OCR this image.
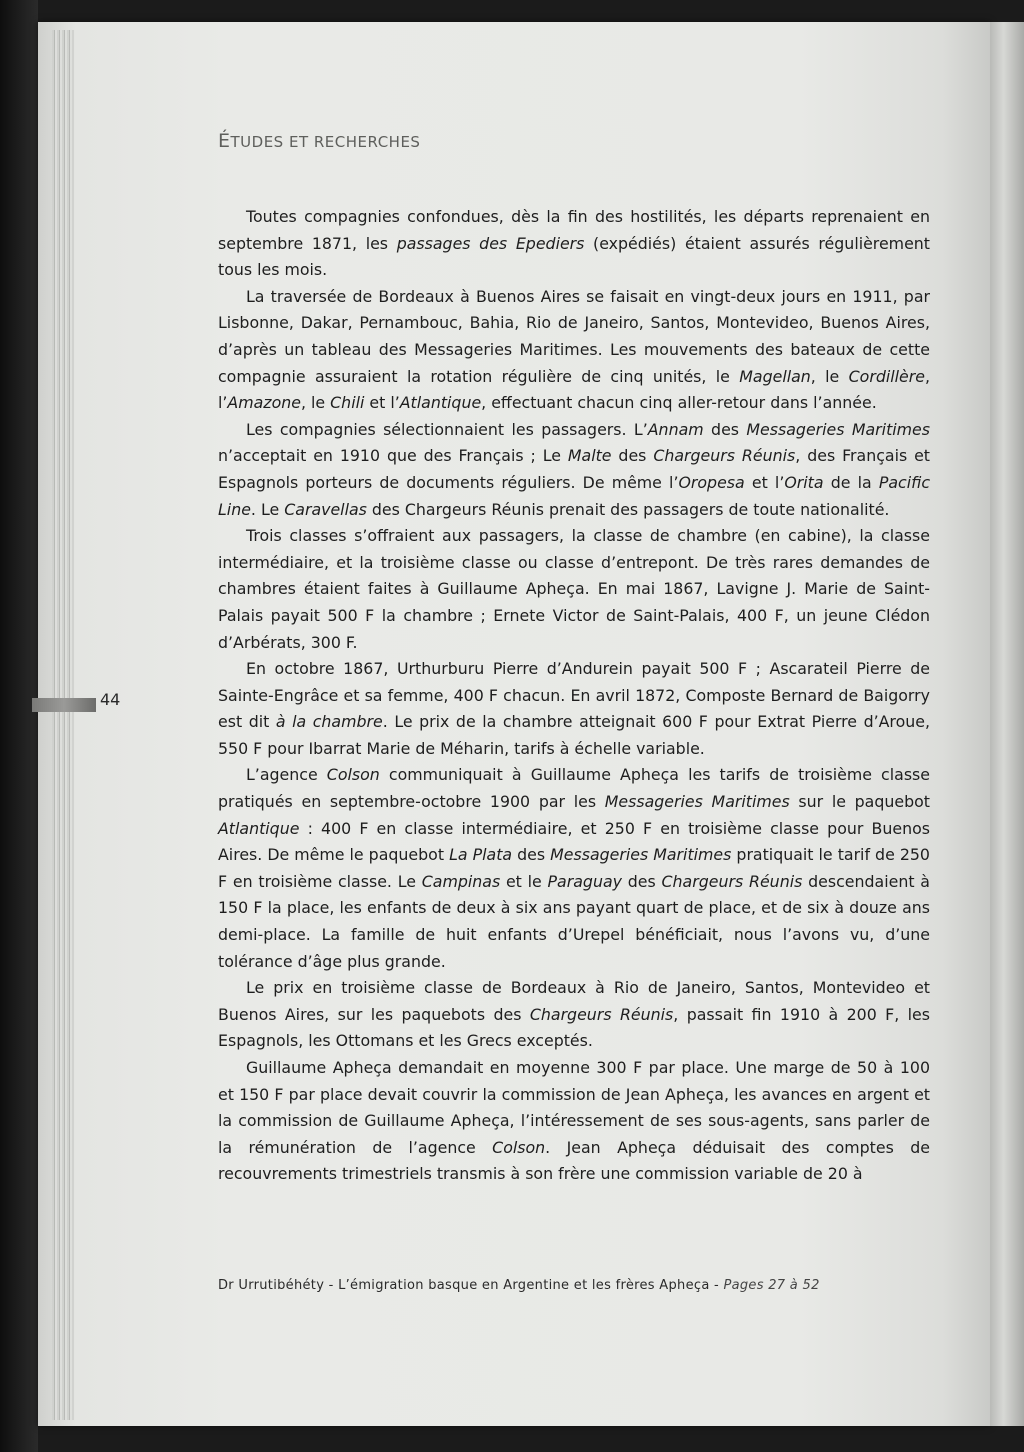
ÉTUDES ET RECHERCHES

Toutes compagnies confondues, dès la fin des hostilités, les départs reprenaient en septembre 1871, les passages des Epediers (expédiés) étaient assurés régulièrement tous les mois.

La traversée de Bordeaux à Buenos Aires se faisait en vingt-deux jours en 1911, par Lisbonne, Dakar, Pernambouc, Bahia, Rio de Janeiro, Santos, Montevideo, Buenos Aires, d’après un tableau des Messageries Maritimes. Les mouvements des bateaux de cette compagnie assuraient la rotation régulière de cinq unités, le Magellan, le Cordillère, l’Amazone, le Chili et l’Atlantique, effectuant chacun cinq aller-retour dans l’année.

Les compagnies sélectionnaient les passagers. L’Annam des Messageries Maritimes n’acceptait en 1910 que des Français ; Le Malte des Chargeurs Réunis, des Français et Espagnols porteurs de documents réguliers. De même l’Oropesa et l’Orita de la Pacific Line. Le Caravellas des Chargeurs Réunis prenait des passagers de toute nationalité.

Trois classes s’offraient aux passagers, la classe de chambre (en cabine), la classe intermédiaire, et la troisième classe ou classe d’entrepont. De très rares demandes de chambres étaient faites à Guillaume Apheça. En mai 1867, Lavigne J. Marie de Saint-Palais payait 500 F la chambre ; Ernete Victor de Saint-Palais, 400 F, un jeune Clédon d’Arbérats, 300 F.

En octobre 1867, Urthurburu Pierre d’Andurein payait 500 F ; Ascarateil Pierre de Sainte-Engrâce et sa femme, 400 F chacun. En avril 1872, Composte Bernard de Baigorry est dit à la chambre. Le prix de la chambre atteignait 600 F pour Extrat Pierre d’Aroue, 550 F pour Ibarrat Marie de Méharin, tarifs à échelle variable.

L’agence Colson communiquait à Guillaume Apheça les tarifs de troisième classe pratiqués en septembre-octobre 1900 par les Messageries Maritimes sur le paquebot Atlantique : 400 F en classe intermédiaire, et 250 F en troisième classe pour Buenos Aires. De même le paquebot La Plata des Messageries Maritimes pratiquait le tarif de 250 F en troisième classe. Le Campinas et le Paraguay des Chargeurs Réunis descendaient à 150 F la place, les enfants de deux à six ans payant quart de place, et de six à douze ans demi-place. La famille de huit enfants d’Urepel bénéficiait, nous l’avons vu, d’une tolérance d’âge plus grande.

Le prix en troisième classe de Bordeaux à Rio de Janeiro, Santos, Montevideo et Buenos Aires, sur les paquebots des Chargeurs Réunis, passait fin 1910 à 200 F, les Espagnols, les Ottomans et les Grecs exceptés.

Guillaume Apheça demandait en moyenne 300 F par place. Une marge de 50 à 100 et 150 F par place devait couvrir la commission de Jean Apheça, les avances en argent et la commission de Guillaume Apheça, l’intéressement de ses sous-agents, sans parler de la rémunération de l’agence Colson. Jean Apheça déduisait des comptes de recouvrements trimestriels transmis à son frère une commission variable de 20 à

44
Dr Urrutibéhéty - L’émigration basque en Argentine et les frères Apheça - Pages 27 à 52
